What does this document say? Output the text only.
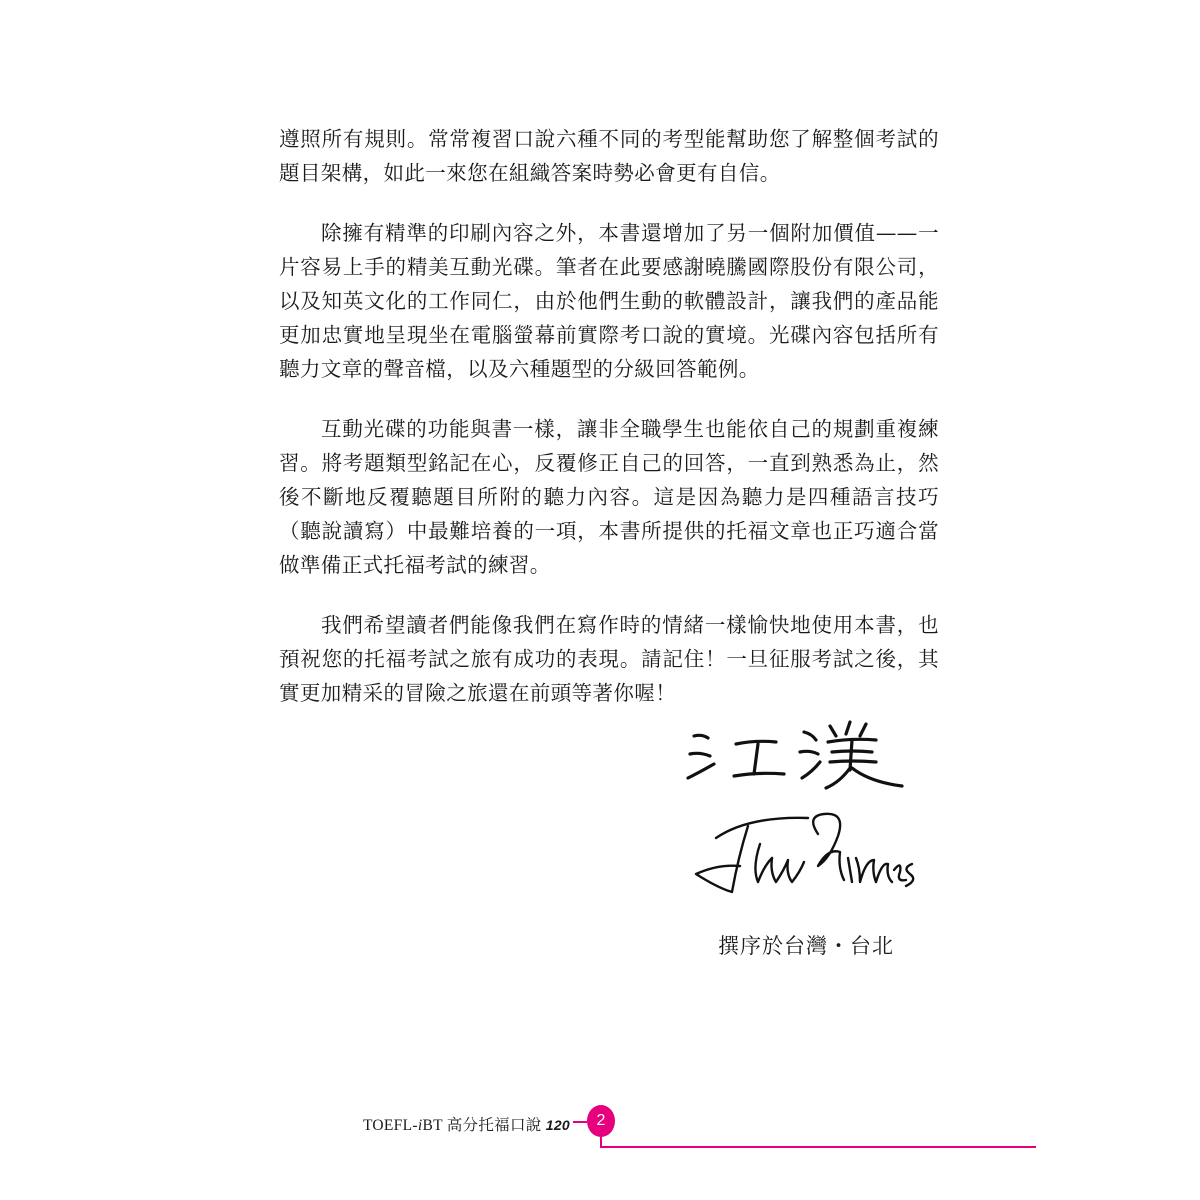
遵照所有規則。常常複習口說六種不同的考型能幫助您了解整個考試的題目架構，如此一來您在組織答案時勢必會更有自信。

除擁有精準的印刷內容之外，本書還增加了另一個附加價值——一片容易上手的精美互動光碟。筆者在此要感謝曉騰國際股份有限公司，以及知英文化的工作同仁，由於他們生動的軟體設計，讓我們的產品能更加忠實地呈現坐在電腦螢幕前實際考口說的實境。光碟內容包括所有聽力文章的聲音檔，以及六種題型的分級回答範例。

互動光碟的功能與書一樣，讓非全職學生也能依自己的規劃重複練習。將考題類型銘記在心，反覆修正自己的回答，一直到熟悉為止，然後不斷地反覆聽題目所附的聽力內容。這是因為聽力是四種語言技巧（聽說讀寫）中最難培養的一項，本書所提供的托福文章也正巧適合當做準備正式托福考試的練習。

我們希望讀者們能像我們在寫作時的情緒一樣愉快地使用本書，也預祝您的托福考試之旅有成功的表現。請記住！一旦征服考試之後，其實更加精采的冒險之旅還在前頭等著你喔！

撰序於台灣・台北
TOEFL-iBT 高分托福口說 120	2
